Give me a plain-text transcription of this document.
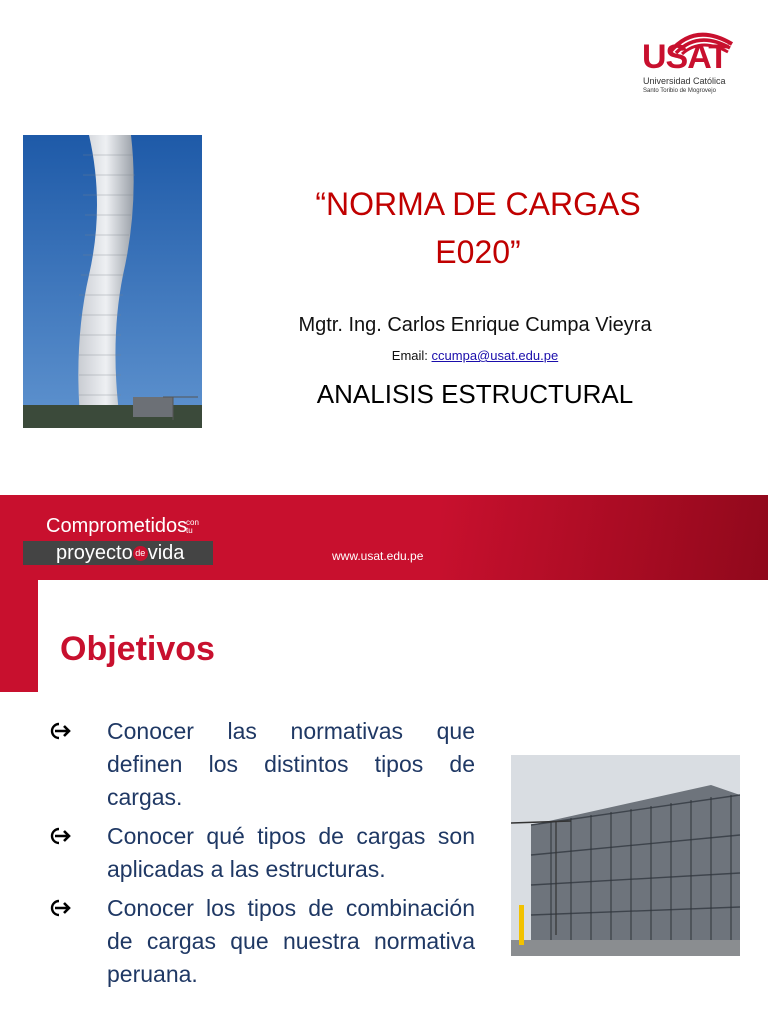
USAT
Universidad Católica
Santo Toribio de Mogrovejo
“NORMA DE CARGAS
E020”
Mgtr. Ing. Carlos Enrique Cumpa Vieyra
Email: ccumpa@usat.edu.pe
ANALISIS ESTRUCTURAL
Comprometidos
con
tu
proyecto de vida	www.usat.edu.pe
Objetivos
Conocer las normativas que definen los distintos tipos de cargas.
Conocer qué tipos de cargas son aplicadas a las estructuras.
Conocer los tipos de combinación de cargas que nuestra normativa peruana.
